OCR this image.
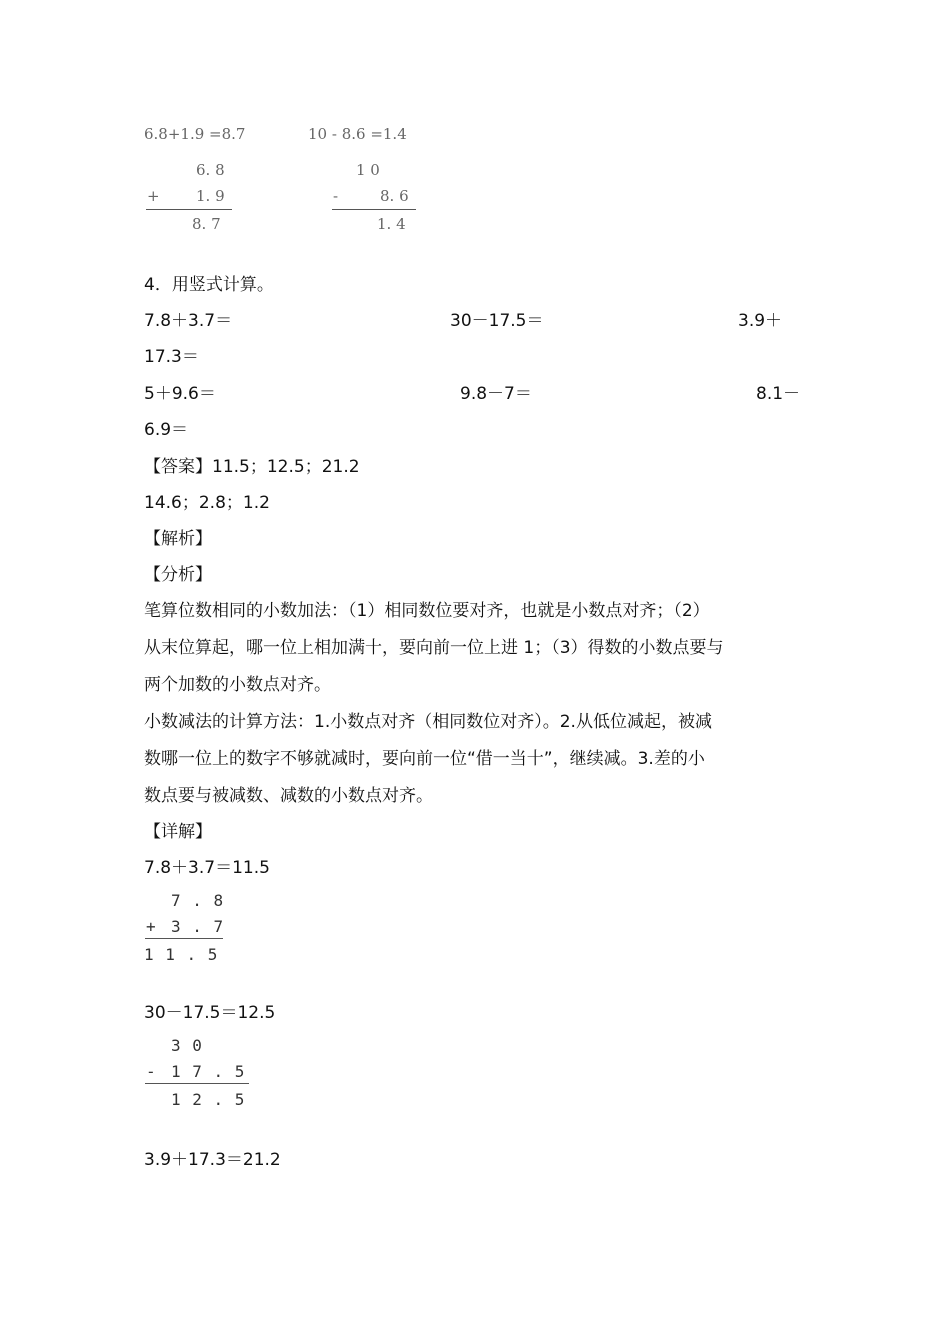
6.8+1.9 =8.7	10 - 8.6 =1.4
6. 8
+ 1. 9
8. 7
1 0
-	8. 6
1. 4
4．用竖式计算。
7.8＋3.7＝	30－17.5＝	3.9＋
17.3＝
5＋9.6＝	9.8－7＝	8.1－
6.9＝
【答案】11.5；12.5；21.2
14.6；2.8；1.2
【解析】
【分析】
笔算位数相同的小数加法：（1）相同数位要对齐，也就是小数点对齐；（2）
从末位算起，哪一位上相加满十，要向前一位上进 1；（3）得数的小数点要与
两个加数的小数点对齐。
小数减法的计算方法：1.小数点对齐（相同数位对齐）。2.从低位减起，被减
数哪一位上的数字不够就减时，要向前一位“借一当十”，继续减。3.差的小
数点要与被减数、减数的小数点对齐。
【详解】
7.8＋3.7＝11.5
7 . 8
+ 3 . 7
1 1 . 5
30－17.5＝12.5
3 0
- 1 7 . 5
1 2 . 5
3.9＋17.3＝21.2
